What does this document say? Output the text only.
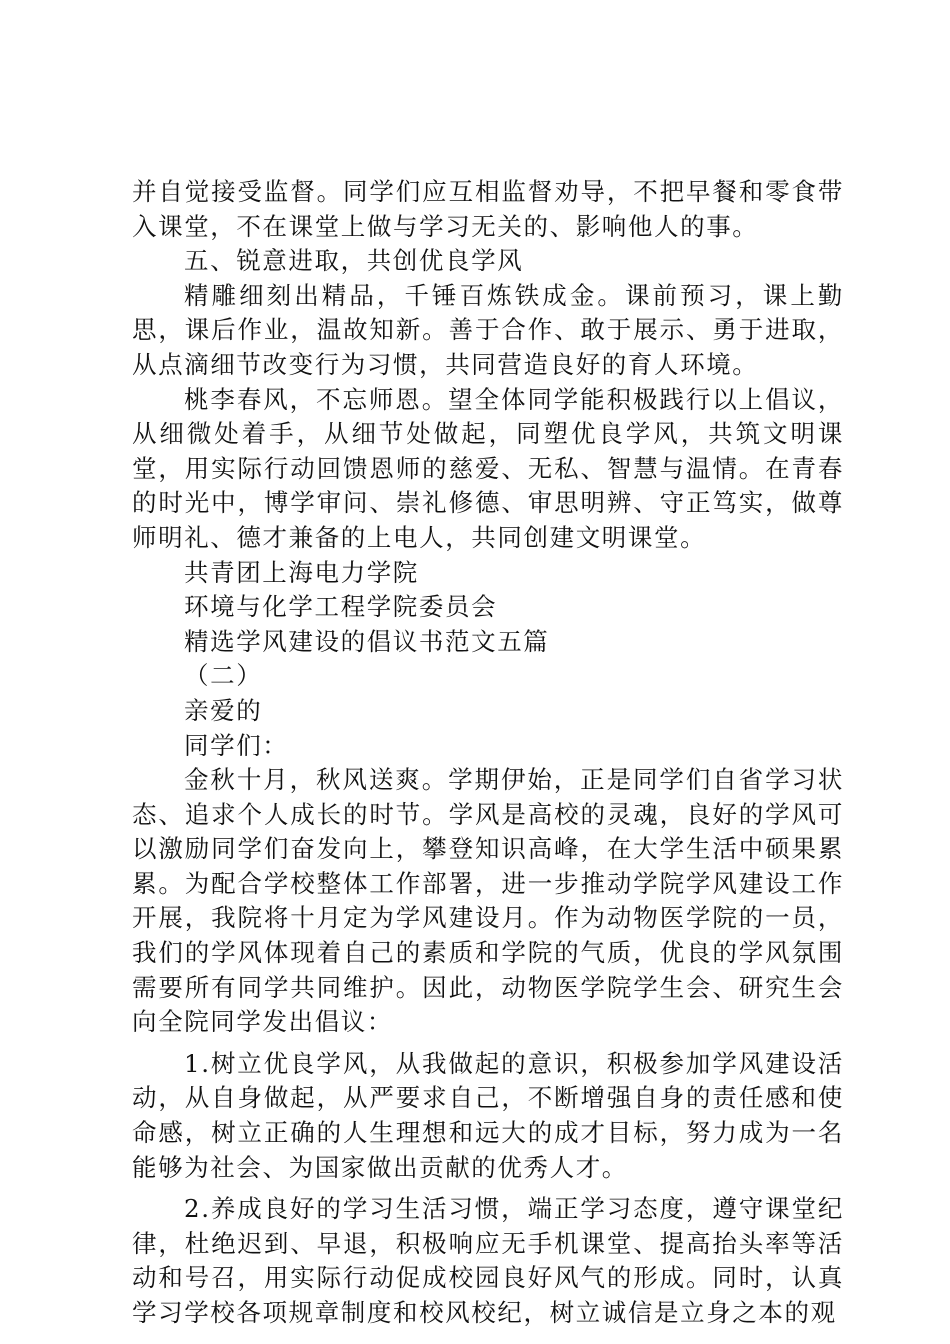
并自觉接受监督。同学们应互相监督劝导，不把早餐和零食带入课堂，不在课堂上做与学习无关的、影响他人的事。

五、锐意进取，共创优良学风

精雕细刻出精品，千锤百炼铁成金。课前预习，课上勤思，课后作业，温故知新。善于合作、敢于展示、勇于进取，从点滴细节改变行为习惯，共同营造良好的育人环境。

桃李春风，不忘师恩。望全体同学能积极践行以上倡议，从细微处着手，从细节处做起，同塑优良学风，共筑文明课堂，用实际行动回馈恩师的慈爱、无私、智慧与温情。在青春的时光中，博学审问、崇礼修德、审思明辨、守正笃实，做尊师明礼、德才兼备的上电人，共同创建文明课堂。

共青团上海电力学院

环境与化学工程学院委员会

精选学风建设的倡议书范文五篇

（二）

亲爱的

同学们：

金秋十月，秋风送爽。学期伊始，正是同学们自省学习状态、追求个人成长的时节。学风是高校的灵魂，良好的学风可以激励同学们奋发向上，攀登知识高峰，在大学生活中硕果累累。为配合学校整体工作部署，进一步推动学院学风建设工作开展，我院将十月定为学风建设月。作为动物医学院的一员，我们的学风体现着自己的素质和学院的气质，优良的学风氛围需要所有同学共同维护。因此，动物医学院学生会、研究生会向全院同学发出倡议：

1.树立优良学风，从我做起的意识，积极参加学风建设活动，从自身做起，从严要求自己，不断增强自身的责任感和使命感，树立正确的人生理想和远大的成才目标，努力成为一名能够为社会、为国家做出贡献的优秀人才。

2.养成良好的学习生活习惯，端正学习态度，遵守课堂纪律，杜绝迟到、早退，积极响应无手机课堂、提高抬头率等活动和号召，用实际行动促成校园良好风气的形成。同时，认真学习学校各项规章制度和校风校纪，树立诚信是立身之本的观
